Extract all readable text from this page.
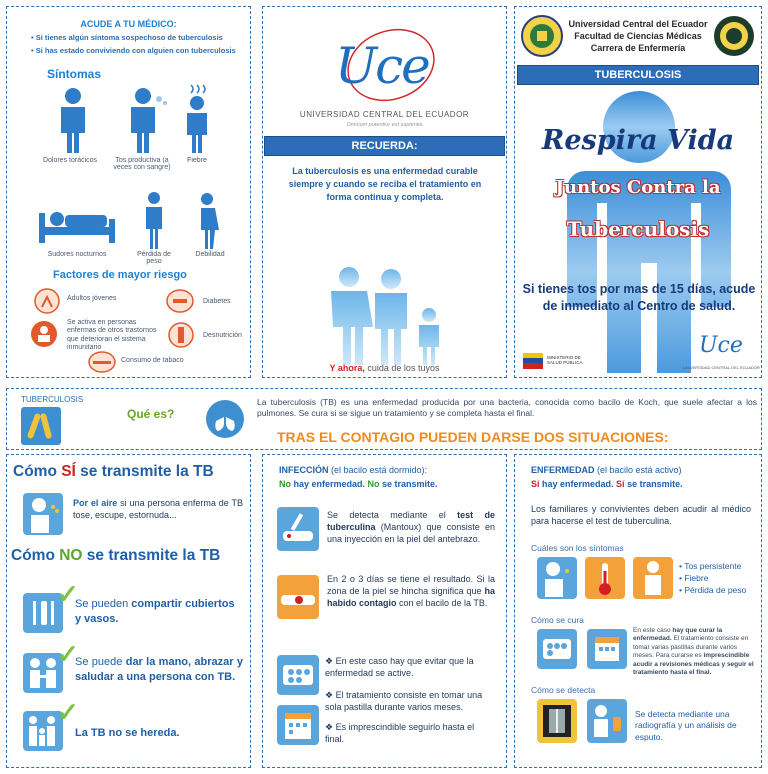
ACUDE A TU MÉDICO:
• Si tienes algún síntoma sospechoso de tuberculosis
• Si has estado conviviendo con alguien con tuberculosis
Síntomas
Dolores torácicos	Tos productiva (a veces con sangre)
Fiebre
Sudores nocturnos	Pérdida de peso
Debilidad
Factores de mayor riesgo
Adultos jóvenes	Diabetes
Se activa en personas enfermas de otros trastornos que deterioran el sistema inmunitario
Desnutrición
Consumo de tabaco
Uce
UNIVERSIDAD CENTRAL DEL ECUADOR
Omnium potentior est sapientia
RECUERDA:
La tuberculosis es una enfermedad curable siempre y cuando se reciba el tratamiento en forma continua y completa.
Y ahora, cuida de los tuyos
Universidad Central del Ecuador
Facultad de Ciencias Médicas
Carrera de Enfermería
TUBERCULOSIS
Respira Vida
Juntos Contra la
Tuberculosis
Si tienes tos por mas de 15 días, acude de inmediato al Centro de salud.
MINISTERIO DE SALUD PÚBLICA
Uce
UNIVERSIDAD CENTRAL DEL ECUADOR
TUBERCULOSIS
Qué es?
La tuberculosis (TB) es una enfermedad producida por una bacteria, conocida como bacilo de Koch, que suele afectar a los pulmones. Se cura si se sigue un tratamiento y se completa hasta el final.
TRAS EL CONTAGIO PUEDEN DARSE DOS SITUACIONES:
Cómo SÍ se transmite la TB
Por el aire si una persona enferma de TB tose, escupe, estornuda...
Cómo NO se transmite la TB
✓
Se pueden compartir cubiertos y vasos.
✓
Se puede dar la mano, abrazar y saludar a una persona con TB.
✓
La TB no se hereda.
INFECCIÓN (el bacilo está dormido):
No hay enfermedad. No se transmite.
Se detecta mediante el test de tuberculina (Mantoux) que consiste en una inyección en la piel del antebrazo.
En 2 o 3 días se tiene el resultado. Si la zona de la piel se hincha significa que ha habido contagio con el bacilo de la TB.
❖ En este caso hay que evitar que la enfermedad se active.
❖ El tratamiento consiste en tomar una sola pastilla durante varios meses.
❖ Es imprescindible seguirlo hasta el final.
ENFERMEDAD (el bacilo está activo)
Sí hay enfermedad. Sí se transmite.
Los familiares y convivientes deben acudir al médico para hacerse el test de tuberculina.
Cuáles son los síntomas
• Tos persistente
• Fiebre
• Pérdida de peso
Cómo se cura
En este caso hay que curar la enfermedad. El tratamiento consiste en tomar varias pastillas durante varios meses. Para curarse es imprescindible acudir a revisiones médicas y seguir el tratamiento hasta el final.
Cómo se detecta
Se detecta mediante una radiografía y un análisis de esputo.
